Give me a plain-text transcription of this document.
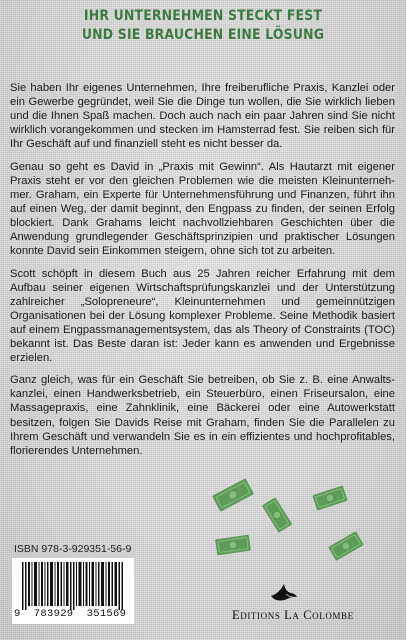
IHR UNTERNEHMEN STECKT FEST
UND SIE BRAUCHEN EINE LÖSUNG

Sie haben Ihr eigenes Unternehmen, Ihre freiberufliche Praxis, Kanzlei oder ein Gewerbe gegründet, weil Sie die Dinge tun wollen, die Sie wirklich lieben und die Ihnen Spaß machen. Doch auch nach ein paar Jahren sind Sie nicht wirklich vorangekommen und stecken im Hamsterrad fest. Sie reiben sich für Ihr Geschäft auf und finanziell steht es nicht besser da.

Genau so geht es David in „Praxis mit Gewinn“. Als Hautarzt mit eigener Praxis steht er vor den gleichen Problemen wie die meisten Kleinunternehmer. Graham, ein Experte für Unternehmensführung und Finanzen, führt ihn auf einen Weg, der damit beginnt, den Engpass zu finden, der seinen Erfolg blockiert. Dank Grahams leicht nachvollziehbaren Geschichten über die Anwendung grundlegender Geschäftsprinzipien und praktischer Lösungen konnte David sein Einkommen steigern, ohne sich tot zu arbeiten.

Scott schöpft in diesem Buch aus 25 Jahren reicher Erfahrung mit dem Aufbau seiner eigenen Wirtschaftsprüfungskanzlei und der Unterstützung zahlreicher „Solopreneure“, Kleinunternehmen und gemeinnützigen Organisationen bei der Lösung komplexer Probleme. Seine Methodik basiert auf einem Engpassmanagementsystem, das als Theory of Constraints (TOC) bekannt ist. Das Beste daran ist: Jeder kann es anwenden und Ergebnisse erzielen.

Ganz gleich, was für ein Geschäft Sie betreiben, ob Sie z. B. eine Anwaltskanzlei, einen Handwerksbetrieb, ein Steuerbüro, einen Friseursalon, eine Massagepraxis, eine Zahnklinik, eine Bäckerei oder eine Autowerkstatt besitzen, folgen Sie Davids Reise mit Graham, finden Sie die Parallelen zu Ihrem Geschäft und verwandeln Sie es in ein effizientes und hochprofitables, florierendes Unternehmen.

ISBN 978-3-929351-56-9
9  783929  351569	Editions La Colombe
